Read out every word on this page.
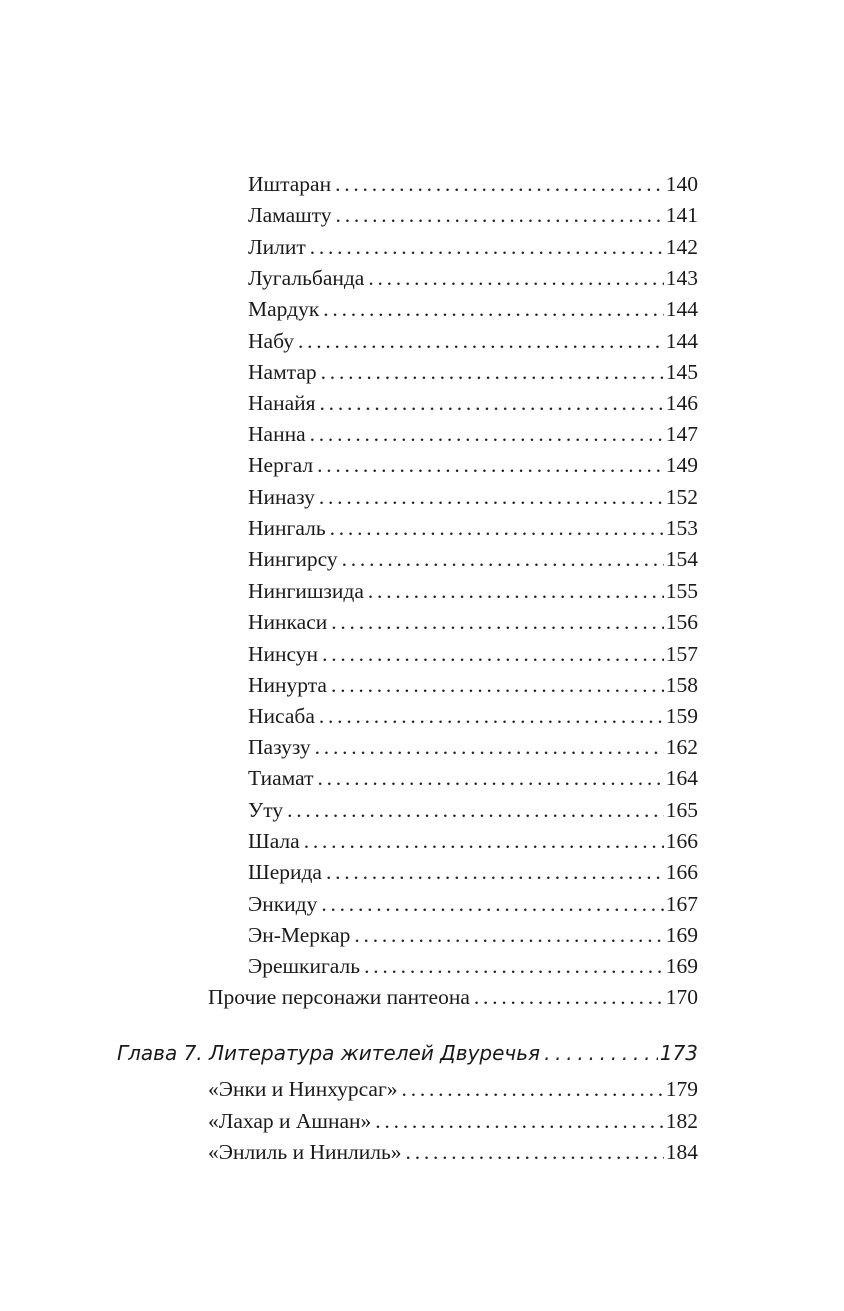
Иштаран . . .	140
Ламашту . . .	141
Лилит . . .	142
Лугальбанда . . .	143
Мардук . . .	144
Набу . . .	144
Намтар . . .	145
Нанайя . . .	146
Нанна . . .	147
Нергал . . .	149
Ниназу . . .	152
Нингаль . . .	153
Нингирсу . . .	154
Нингишзида . . .	155
Нинкаси . . .	156
Нинсун . . .	157
Нинурта . . .	158
Нисаба . . .	159
Пазузу . . .	162
Тиамат . . .	164
Уту . . .	165
Шала . . .	166
Шерида . . .	166
Энкиду . . .	167
Эн-Меркар . . .	169
Эрешкигаль . . .	169
Прочие персонажи пантеона . . .	170
Глава 7. Литература жителей Двуречья . . .	173
«Энки и Нинхурсаг» . . .	179
«Лахар и Ашнан» . . .	182
«Энлиль и Нинлиль» . . .	184
